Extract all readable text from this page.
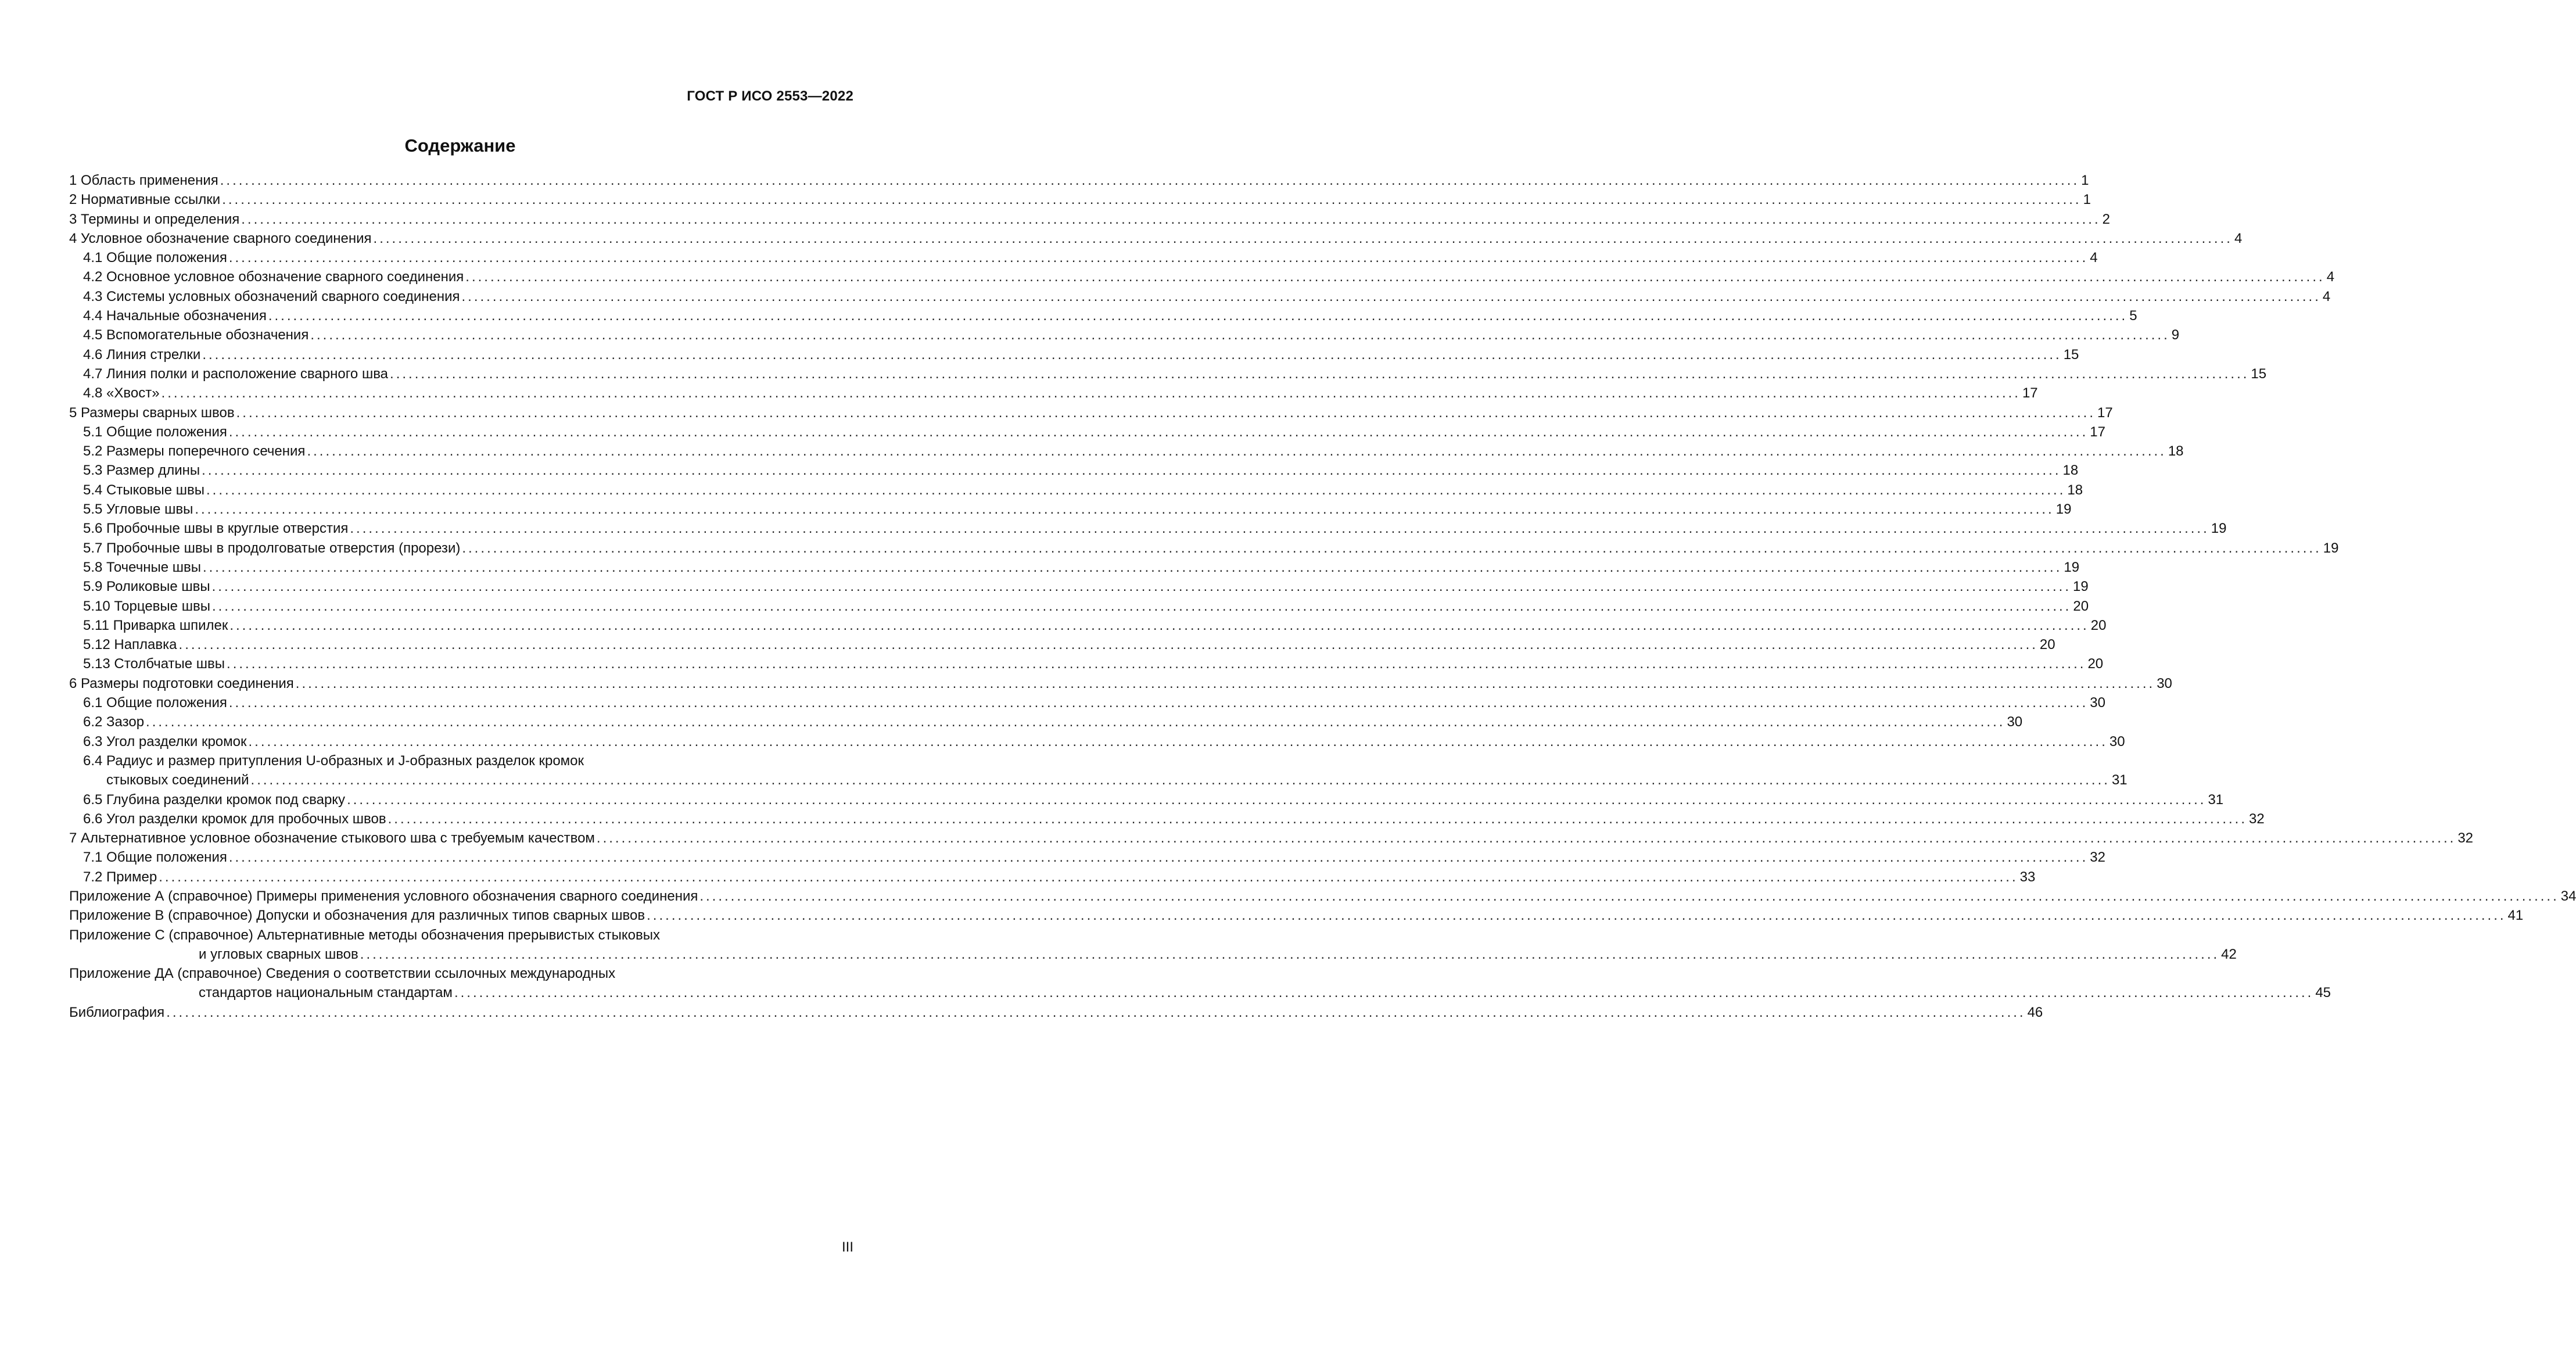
ГОСТ Р ИСО 2553—2022
Содержание
1 Область применения ............................................................................................................................................................................................................................................................................................................ 1
2 Нормативные ссылки ............................................................................................................................................................................................................................................................................................................ 1
3 Термины и определения ............................................................................................................................................................................................................................................................................................................ 2
4 Условное обозначение сварного соединения ............................................................................................................................................................................................................................................................................................................ 4
4.1 Общие положения ............................................................................................................................................................................................................................................................................................................ 4
4.2 Основное условное обозначение сварного соединения ............................................................................................................................................................................................................................................................................................................ 4
4.3 Системы условных обозначений сварного соединения ............................................................................................................................................................................................................................................................................................................ 4
4.4 Начальные обозначения ............................................................................................................................................................................................................................................................................................................ 5
4.5 Вспомогательные обозначения ............................................................................................................................................................................................................................................................................................................ 9
4.6 Линия стрелки ............................................................................................................................................................................................................................................................................................................ 15
4.7 Линия полки и расположение сварного шва ............................................................................................................................................................................................................................................................................................................ 15
4.8 «Хвост» ............................................................................................................................................................................................................................................................................................................ 17
5 Размеры сварных швов ............................................................................................................................................................................................................................................................................................................ 17
5.1 Общие положения ............................................................................................................................................................................................................................................................................................................ 17
5.2 Размеры поперечного сечения ............................................................................................................................................................................................................................................................................................................ 18
5.3 Размер длины ............................................................................................................................................................................................................................................................................................................ 18
5.4 Стыковые швы ............................................................................................................................................................................................................................................................................................................ 18
5.5 Угловые швы ............................................................................................................................................................................................................................................................................................................ 19
5.6 Пробочные швы в круглые отверстия ............................................................................................................................................................................................................................................................................................................ 19
5.7 Пробочные швы в продолговатые отверстия (прорези) ............................................................................................................................................................................................................................................................................................................ 19
5.8 Точечные швы ............................................................................................................................................................................................................................................................................................................ 19
5.9 Роликовые швы ............................................................................................................................................................................................................................................................................................................ 19
5.10 Торцевые швы ............................................................................................................................................................................................................................................................................................................ 20
5.11 Приварка шпилек ............................................................................................................................................................................................................................................................................................................ 20
5.12 Наплавка ............................................................................................................................................................................................................................................................................................................ 20
5.13 Столбчатые швы ............................................................................................................................................................................................................................................................................................................ 20
6 Размеры подготовки соединения ............................................................................................................................................................................................................................................................................................................ 30
6.1 Общие положения ............................................................................................................................................................................................................................................................................................................ 30
6.2 Зазор ............................................................................................................................................................................................................................................................................................................ 30
6.3 Угол разделки кромок ............................................................................................................................................................................................................................................................................................................ 30
6.4 Радиус и размер притупления U-образных и J-образных разделок кромок
стыковых соединений ............................................................................................................................................................................................................................................................................................................ 31
6.5 Глубина разделки кромок под сварку ............................................................................................................................................................................................................................................................................................................ 31
6.6 Угол разделки кромок для пробочных швов ............................................................................................................................................................................................................................................................................................................ 32
7 Альтернативное условное обозначение стыкового шва с требуемым качеством ............................................................................................................................................................................................................................................................................................................ 32
7.1 Общие положения ............................................................................................................................................................................................................................................................................................................ 32
7.2 Пример ............................................................................................................................................................................................................................................................................................................ 33
Приложение А (справочное) Примеры применения условного обозначения сварного соединения ............................................................................................................................................................................................................................................................................................................ 34
Приложение В (справочное) Допуски и обозначения для различных типов сварных швов ............................................................................................................................................................................................................................................................................................................ 41
Приложение С (справочное) Альтернативные методы обозначения прерывистых стыковых
и угловых сварных швов ............................................................................................................................................................................................................................................................................................................ 42
Приложение ДА (справочное) Сведения о соответствии ссылочных международных
стандартов национальным стандартам ............................................................................................................................................................................................................................................................................................................ 45
Библиография ............................................................................................................................................................................................................................................................................................................ 46
III
